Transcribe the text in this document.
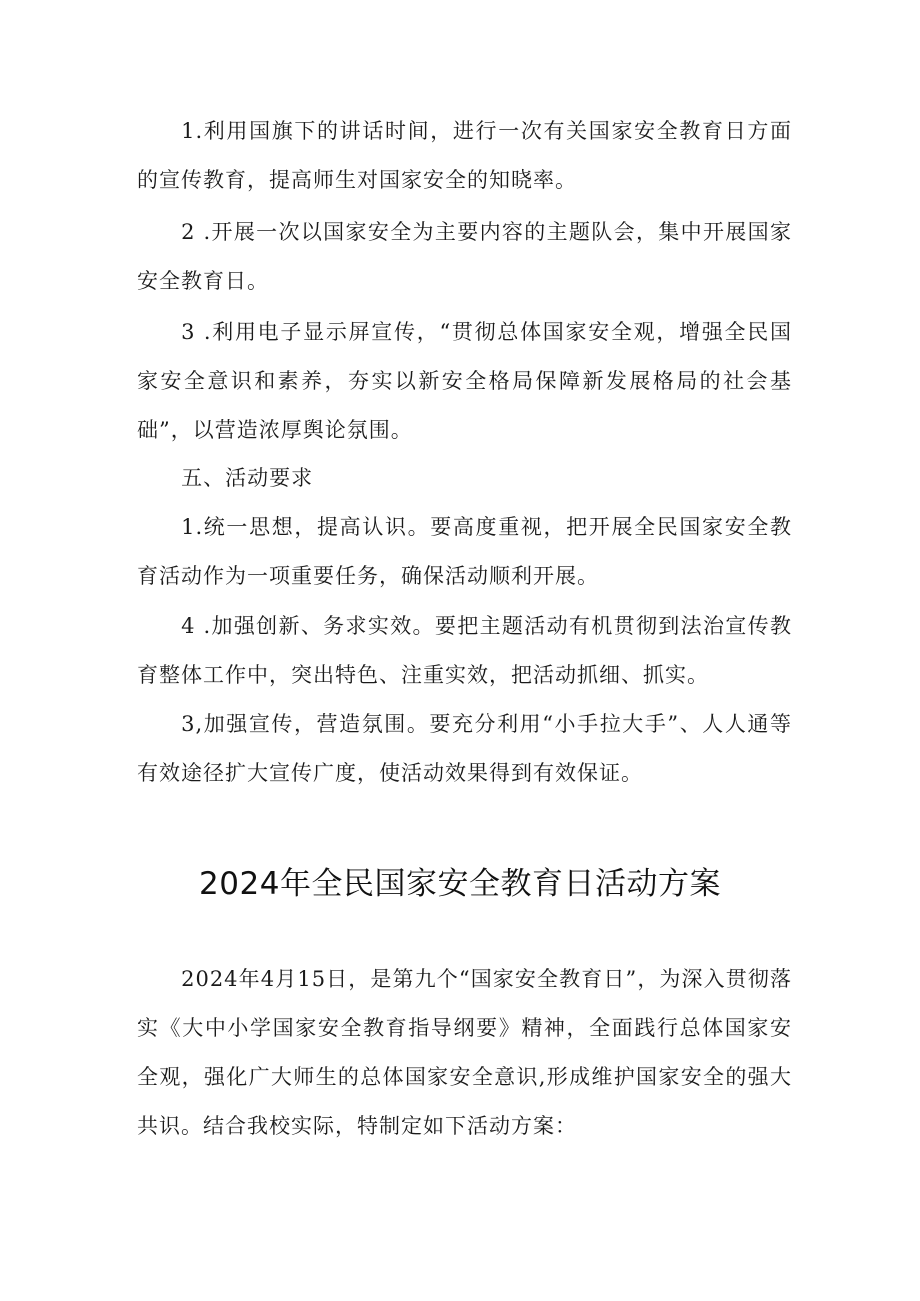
1.利用国旗下的讲话时间，进行一次有关国家安全教育日方面的宣传教育，提高师生对国家安全的知晓率。

2 .开展一次以国家安全为主要内容的主题队会，集中开展国家安全教育日。

3 .利用电子显示屏宣传，“贯彻总体国家安全观，增强全民国家安全意识和素养，夯实以新安全格局保障新发展格局的社会基础”，以营造浓厚舆论氛围。

五、活动要求

1.统一思想，提高认识。要高度重视，把开展全民国家安全教育活动作为一项重要任务，确保活动顺利开展。

4 .加强创新、务求实效。要把主题活动有机贯彻到法治宣传教育整体工作中，突出特色、注重实效，把活动抓细、抓实。

3,加强宣传，营造氛围。要充分利用“小手拉大手”、人人通等有效途径扩大宣传广度，使活动效果得到有效保证。

2024年全民国家安全教育日活动方案

2024年4月15日，是第九个“国家安全教育日”，为深入贯彻落实《大中小学国家安全教育指导纲要》精神，全面践行总体国家安全观，强化广大师生的总体国家安全意识,形成维护国家安全的强大共识。结合我校实际，特制定如下活动方案：
